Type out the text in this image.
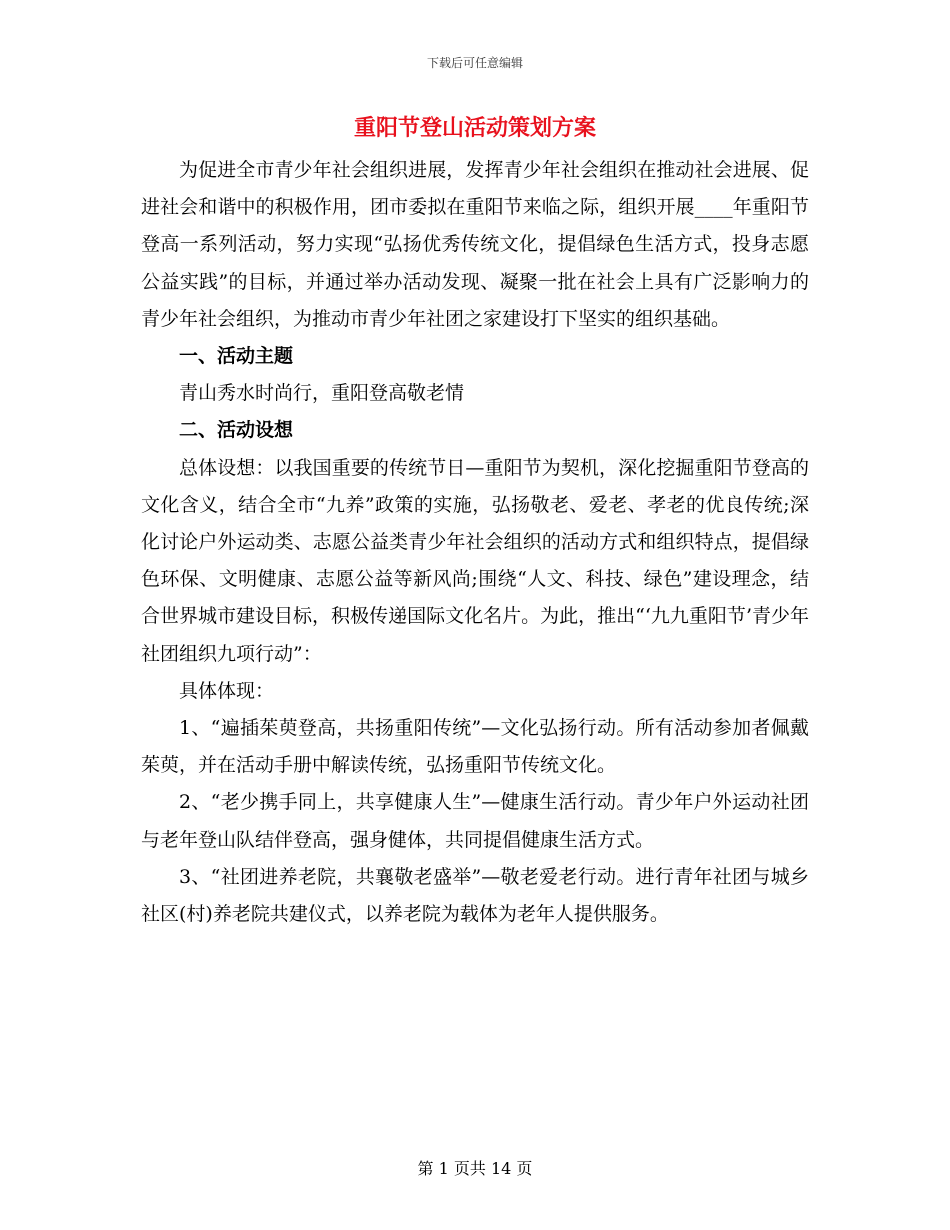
下载后可任意编辑
重阳节登山活动策划方案

为促进全市青少年社会组织进展，发挥青少年社会组织在推动社会进展、促进社会和谐中的积极作用，团市委拟在重阳节来临之际，组织开展____年重阳节登高一系列活动，努力实现“弘扬优秀传统文化，提倡绿色生活方式，投身志愿公益实践”的目标，并通过举办活动发现、凝聚一批在社会上具有广泛影响力的青少年社会组织，为推动市青少年社团之家建设打下坚实的组织基础。

一、活动主题

青山秀水时尚行，重阳登高敬老情

二、活动设想

总体设想：以我国重要的传统节日—重阳节为契机，深化挖掘重阳节登高的文化含义，结合全市“九养”政策的实施，弘扬敬老、爱老、孝老的优良传统;深化讨论户外运动类、志愿公益类青少年社会组织的活动方式和组织特点，提倡绿色环保、文明健康、志愿公益等新风尚;围绕“人文、科技、绿色”建设理念，结合世界城市建设目标，积极传递国际文化名片。为此，推出“‘九九重阳节’青少年社团组织九项行动”：

具体体现：

1、“遍插茱萸登高，共扬重阳传统”—文化弘扬行动。所有活动参加者佩戴茱萸，并在活动手册中解读传统，弘扬重阳节传统文化。

2、“老少携手同上，共享健康人生”—健康生活行动。青少年户外运动社团与老年登山队结伴登高，强身健体，共同提倡健康生活方式。

3、“社团进养老院，共襄敬老盛举”—敬老爱老行动。进行青年社团与城乡社区(村)养老院共建仪式，以养老院为载体为老年人提供服务。

第 1 页共 14 页
